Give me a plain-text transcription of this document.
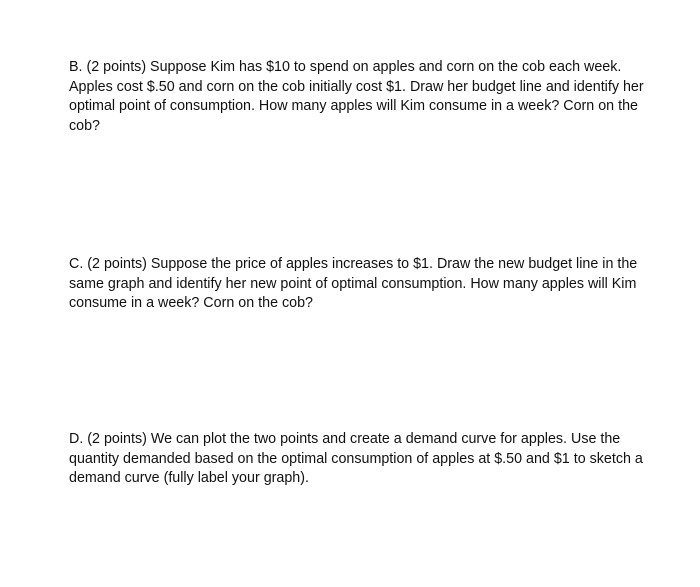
B. (2 points) Suppose Kim has $10 to spend on apples and corn on the cob each week. Apples cost $.50 and corn on the cob initially cost $1. Draw her budget line and identify her optimal point of consumption. How many apples will Kim consume in a week? Corn on the cob?

C. (2 points) Suppose the price of apples increases to $1. Draw the new budget line in the same graph and identify her new point of optimal consumption. How many apples will Kim consume in a week? Corn on the cob?

D. (2 points) We can plot the two points and create a demand curve for apples. Use the quantity demanded based on the optimal consumption of apples at $.50 and $1 to sketch a demand curve (fully label your graph).
